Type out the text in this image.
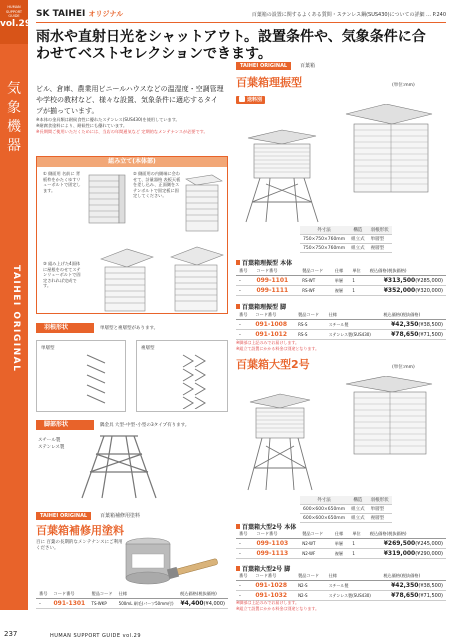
HUMAN
SUPPORT
GUIDE
vol.29
気
象
機
器
TAIHEI ORIGINAL
SK TAIHEI オリジナル	百葉箱の設置に関するよくある質問・ステンレス鋼(SUS430)についての詳細 … P.240
雨水や直射日光をシャットアウト。設置条件や、気象条件に合わせてベストセレクションできます。
ビル、倉庫、農業用ビニールハウスなどの温湿度・空調管理や学校の教材など、様々な設置、気象条件に適応するタイプが揃っています。
※本体の金具類は耐候食性に優れたステンレス(SUS430)を使用しています。
※耐腐食塗料により、耐候性にも優れています。
※長期間ご使用いただくためには、当店の年間通気など 定期的なメンテナンスが必要です。
組み立て(本体部)
① 側面用 名前に 背板枠をかたくゆすリューボルトで固定します。
② 側面用の内側端に会わせて、計量器格 表板天板を差し込み、正面側をステンボルトで固定板に固定してください。
③ 組み上げた4面体に屋根をのせてステンリューボルトで固定されれば完成です。
羽根形状	単層型と複層型があります。
単層型	複層型
脚部形状	隅金具 大型･中型･小型の3タイプ有ります。
スチール製
ステンレス製
TAIHEI ORIGINAL	百葉箱補修用塗料
百葉箱補修用塗料
百に 百葉の長期的なメンテナンスにご利用ください。
番号	コード番号	製品コード	仕様	税込価格(税抜価格)
-	091-1301	TS-WKP	500mL 刷毛(パーツ50mm付)	¥4,400(¥4,000)
TAIHEI ORIGINAL	百葉箱
百葉箱理振型	(単位:mm)
送料別
外寸法	構造	羽根形状
750×750×760mm	組立式	単層型
750×750×760mm	組立式	複層型
百葉箱理振型 本体
番号	コード番号	製品コード	仕様	単位	税込価格(税抜価格)
-	099-1101	RS-WT	単層	1	¥313,500(¥285,000)
-	099-1111	RS-WF	複層	1	¥352,000(¥320,000)
百葉箱理振型 脚
番号	コード番号	製品コード	仕様	税込価格(税抜価格)
-	091-1008	RS-S	スチール製	¥42,350(¥38,500)
-	091-1012	RS-S	ステンレス製(SUS430)	¥78,650(¥71,500)
※脚部は上記のみでお届けします。
※組立て設置にかかる料金は別途となります。
百葉箱大型2号	(単位:mm)
外寸法	構造	羽根形状
600×600×650mm	組立式	単層型
600×600×650mm	組立式	複層型
百葉箱大型2号 本体
番号	コード番号	製品コード	仕様	単位	税込価格(税抜価格)
-	099-1103	N2-WT	単層	1	¥269,500(¥245,000)
-	099-1113	N2-WF	複層	1	¥319,000(¥290,000)
百葉箱大型2号 脚
番号	コード番号	製品コード	仕様	税込価格(税抜価格)
-	091-1028	N2-S	スチール製	¥42,350(¥38,500)
-	091-1032	N2-S	ステンレス製(SUS430)	¥78,650(¥71,500)
※脚部は上記のみでお届けします。
※組立て設置にかかる料金は別途となります。
237	HUMAN SUPPORT GUIDE vol.29
